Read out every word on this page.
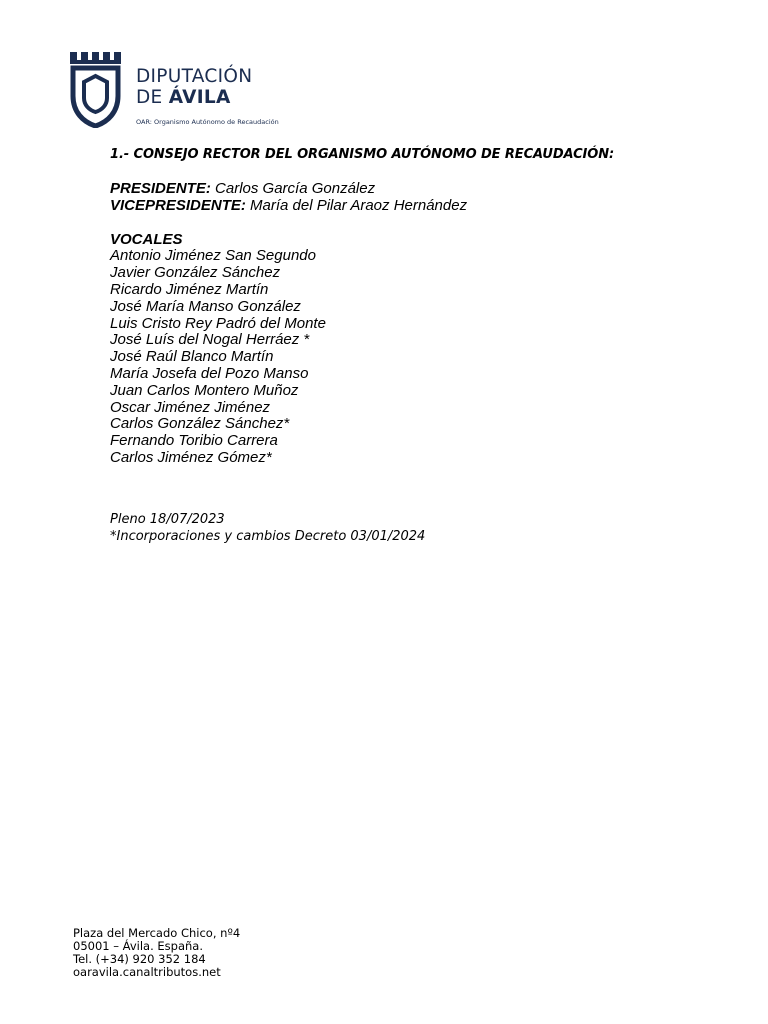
DIPUTACIÓN
DE ÁVILA
OAR: Organismo Autónomo de Recaudación

1.- CONSEJO RECTOR DEL ORGANISMO AUTÓNOMO DE RECAUDACIÓN:

PRESIDENTE: Carlos García González

VICEPRESIDENTE: María del Pilar Araoz Hernández

VOCALES
Antonio Jiménez San Segundo
Javier González Sánchez
Ricardo Jiménez Martín
José María Manso González
Luis Cristo Rey Padró del Monte
José Luís del Nogal Herráez *
José Raúl Blanco Martín
María Josefa del Pozo Manso
Juan Carlos Montero Muñoz
Oscar Jiménez Jiménez
Carlos González Sánchez*
Fernando Toribio Carrera
Carlos Jiménez Gómez*
Pleno 18/07/2023
*Incorporaciones y cambios Decreto 03/01/2024
Plaza del Mercado Chico, nº4
05001 – Ávila. España.
Tel. (+34) 920 352 184
oaravila.canaltributos.net
